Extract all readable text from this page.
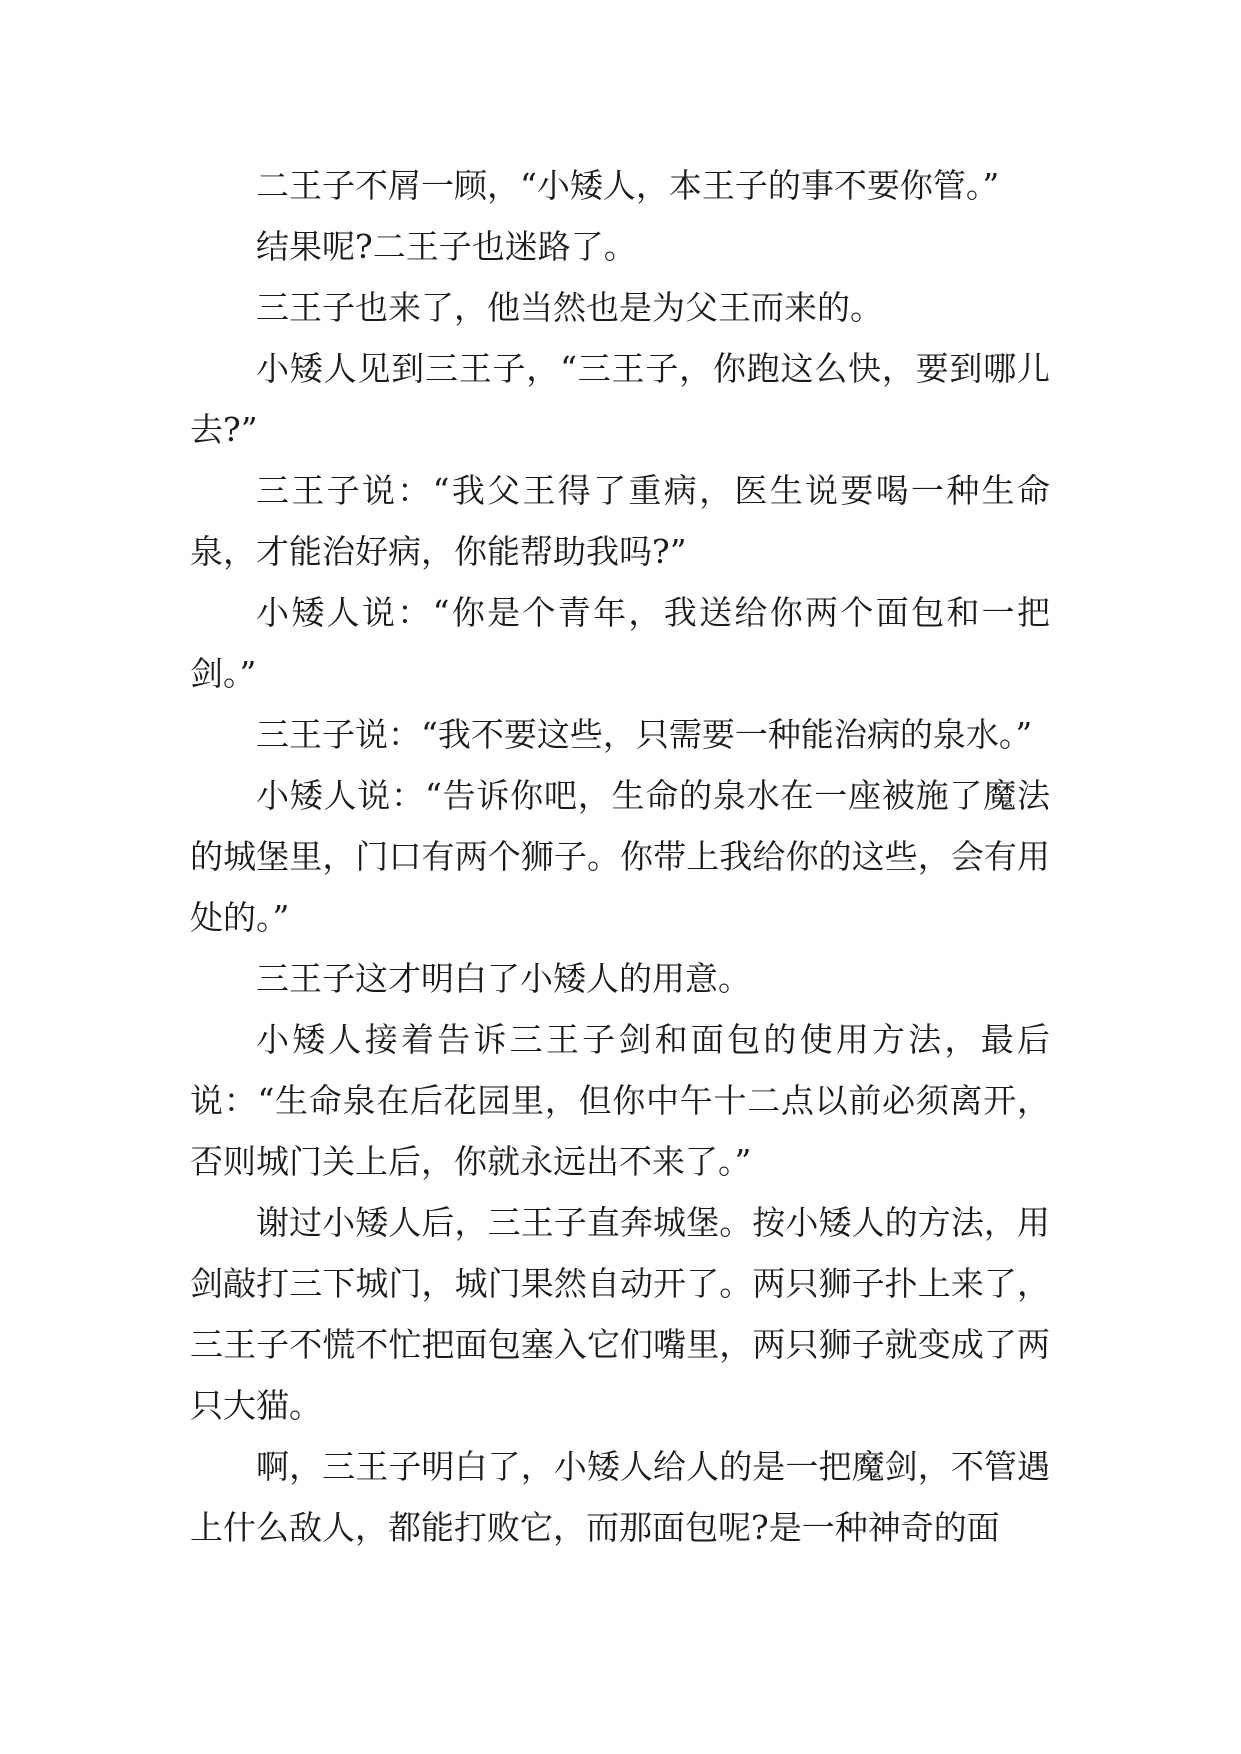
二王子不屑一顾，“小矮人，本王子的事不要你管。”

结果呢?二王子也迷路了。

三王子也来了，他当然也是为父王而来的。

小矮人见到三王子，“三王子，你跑这么快，要到哪儿去?”

三王子说：“我父王得了重病，医生说要喝一种生命泉，才能治好病，你能帮助我吗?”

小矮人说：“你是个青年，我送给你两个面包和一把剑。”

三王子说：“我不要这些，只需要一种能治病的泉水。”

小矮人说：“告诉你吧，生命的泉水在一座被施了魔法的城堡里，门口有两个狮子。你带上我给你的这些，会有用处的。”

三王子这才明白了小矮人的用意。

小矮人接着告诉三王子剑和面包的使用方法，最后说：“生命泉在后花园里，但你中午十二点以前必须离开，否则城门关上后，你就永远出不来了。”

谢过小矮人后，三王子直奔城堡。按小矮人的方法，用剑敲打三下城门，城门果然自动开了。两只狮子扑上来了，三王子不慌不忙把面包塞入它们嘴里，两只狮子就变成了两只大猫。

啊，三王子明白了，小矮人给人的是一把魔剑，不管遇上什么敌人，都能打败它，而那面包呢?是一种神奇的面
